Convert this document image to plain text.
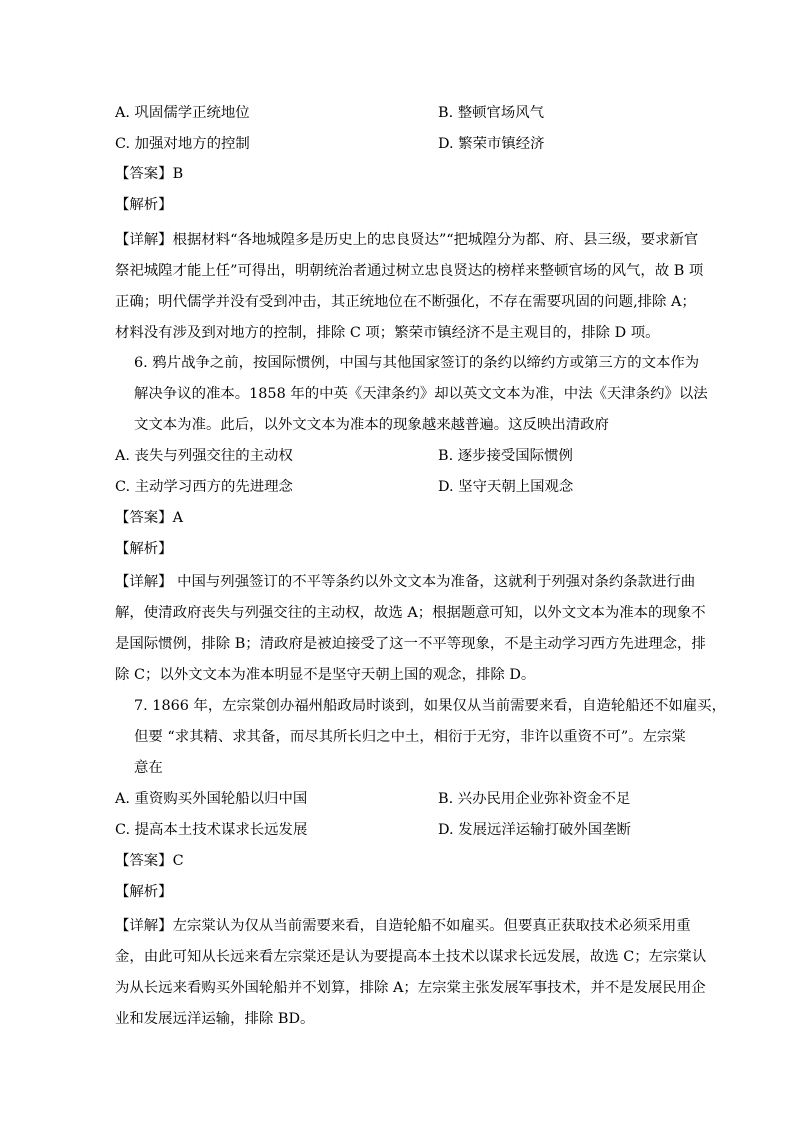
A. 巩固儒学正统地位	B. 整顿官场风气
C. 加强对地方的控制	D. 繁荣市镇经济
【答案】B
【解析】
【详解】根据材料“各地城隍多是历史上的忠良贤达”“把城隍分为都、府、县三级，要求新官
祭祀城隍才能上任”可得出，明朝统治者通过树立忠良贤达的榜样来整顿官场的风气，故 B 项
正确；明代儒学并没有受到冲击，其正统地位在不断强化，不存在需要巩固的问题,排除 A；
材料没有涉及到对地方的控制，排除 C 项；繁荣市镇经济不是主观目的，排除 D 项。
6. 鸦片战争之前，按国际惯例，中国与其他国家签订的条约以缔约方或第三方的文本作为
解决争议的准本。1858 年的中英《天津条约》却以英文文本为准，中法《天津条约》以法
文文本为准。此后，以外文文本为准本的现象越来越普遍。这反映出清政府
A. 丧失与列强交往的主动权	B. 逐步接受国际惯例
C. 主动学习西方的先进理念	D. 坚守天朝上国观念
【答案】A
【解析】
【详解】 中国与列强签订的不平等条约以外文文本为准备，这就利于列强对条约条款进行曲
解，使清政府丧失与列强交往的主动权，故选 A；根据题意可知，以外文文本为准本的现象不
是国际惯例，排除 B；清政府是被迫接受了这一不平等现象，不是主动学习西方先进理念，排
除 C；以外文文本为准本明显不是坚守天朝上国的观念，排除 D。
7. 1866 年，左宗棠创办福州船政局时谈到，如果仅从当前需要来看，自造轮船还不如雇买，
但要 “求其精、求其备，而尽其所长归之中土，相衍于无穷，非许以重资不可”。左宗棠
意在
A. 重资购买外国轮船以归中国	B. 兴办民用企业弥补资金不足
C. 提高本土技术谋求长远发展	D. 发展远洋运输打破外国垄断
【答案】C
【解析】
【详解】左宗棠认为仅从当前需要来看，自造轮船不如雇买。但要真正获取技术必须采用重
金，由此可知从长远来看左宗棠还是认为要提高本土技术以谋求长远发展，故选 C；左宗棠认
为从长远来看购买外国轮船并不划算，排除 A；左宗棠主张发展军事技术，并不是发展民用企
业和发展远洋运输，排除 BD。
